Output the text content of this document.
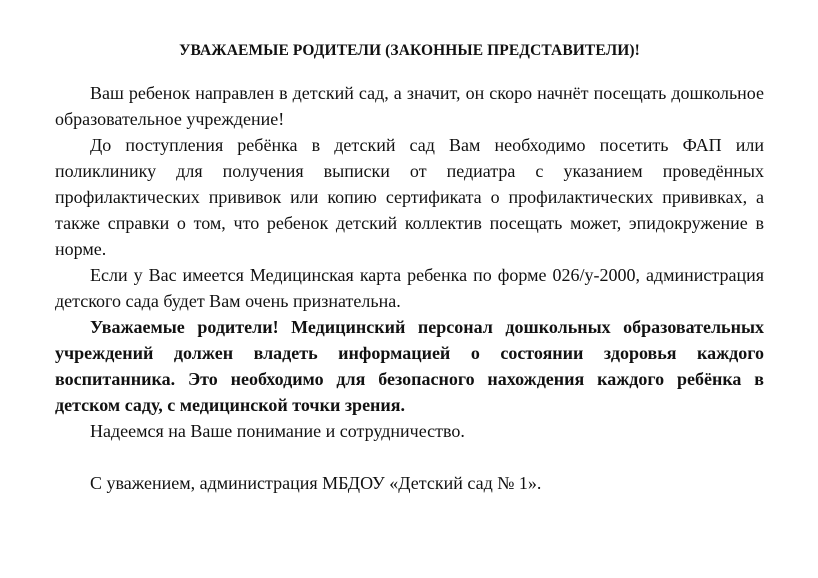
УВАЖАЕМЫЕ РОДИТЕЛИ (ЗАКОННЫЕ ПРЕДСТАВИТЕЛИ)!

Ваш ребенок направлен в детский сад, а значит, он скоро начнёт посещать дошкольное образовательное учреждение!

До поступления ребёнка в детский сад Вам необходимо посетить ФАП или поликлинику для получения выписки от педиатра с указанием проведённых профилактических прививок или копию сертификата о профилактических прививках, а также справки о том, что ребенок детский коллектив посещать может, эпидокружение в норме.

Если у Вас имеется Медицинская карта ребенка по форме 026/у-2000, администрация детского сада будет Вам очень признательна.

Уважаемые родители! Медицинский персонал дошкольных образовательных учреждений должен владеть информацией о состоянии здоровья каждого воспитанника. Это необходимо для безопасного нахождения каждого ребёнка в детском саду, с медицинской точки зрения.

Надеемся на Ваше понимание и сотрудничество.

С уважением, администрация МБДОУ «Детский сад № 1».
